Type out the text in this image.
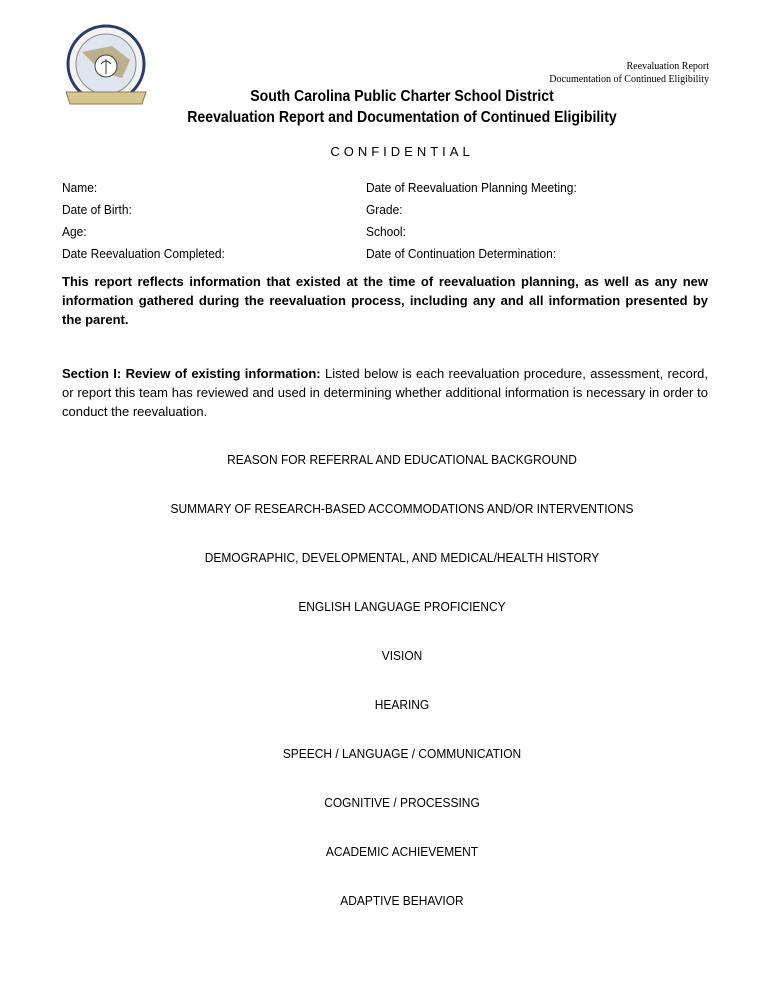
Reevaluation Report
Documentation of Continued Eligibility
South Carolina Public Charter School District
Reevaluation Report and Documentation of Continued Eligibility
CONFIDENTIAL
Name:
Date of Birth:
Age:
Date Reevaluation Completed:
Date of Reevaluation Planning Meeting:
Grade:
School:
Date of Continuation Determination:
This report reflects information that existed at the time of reevaluation planning, as well as any new information gathered during the reevaluation process, including any and all information presented by the parent.
Section I: Review of existing information: Listed below is each reevaluation procedure, assessment, record, or report this team has reviewed and used in determining whether additional information is necessary in order to conduct the reevaluation.
REASON FOR REFERRAL AND EDUCATIONAL BACKGROUND
SUMMARY OF RESEARCH-BASED ACCOMMODATIONS AND/OR INTERVENTIONS
DEMOGRAPHIC, DEVELOPMENTAL, AND MEDICAL/HEALTH HISTORY
ENGLISH LANGUAGE PROFICIENCY
VISION
HEARING
SPEECH / LANGUAGE / COMMUNICATION
COGNITIVE / PROCESSING
ACADEMIC ACHIEVEMENT
ADAPTIVE BEHAVIOR
